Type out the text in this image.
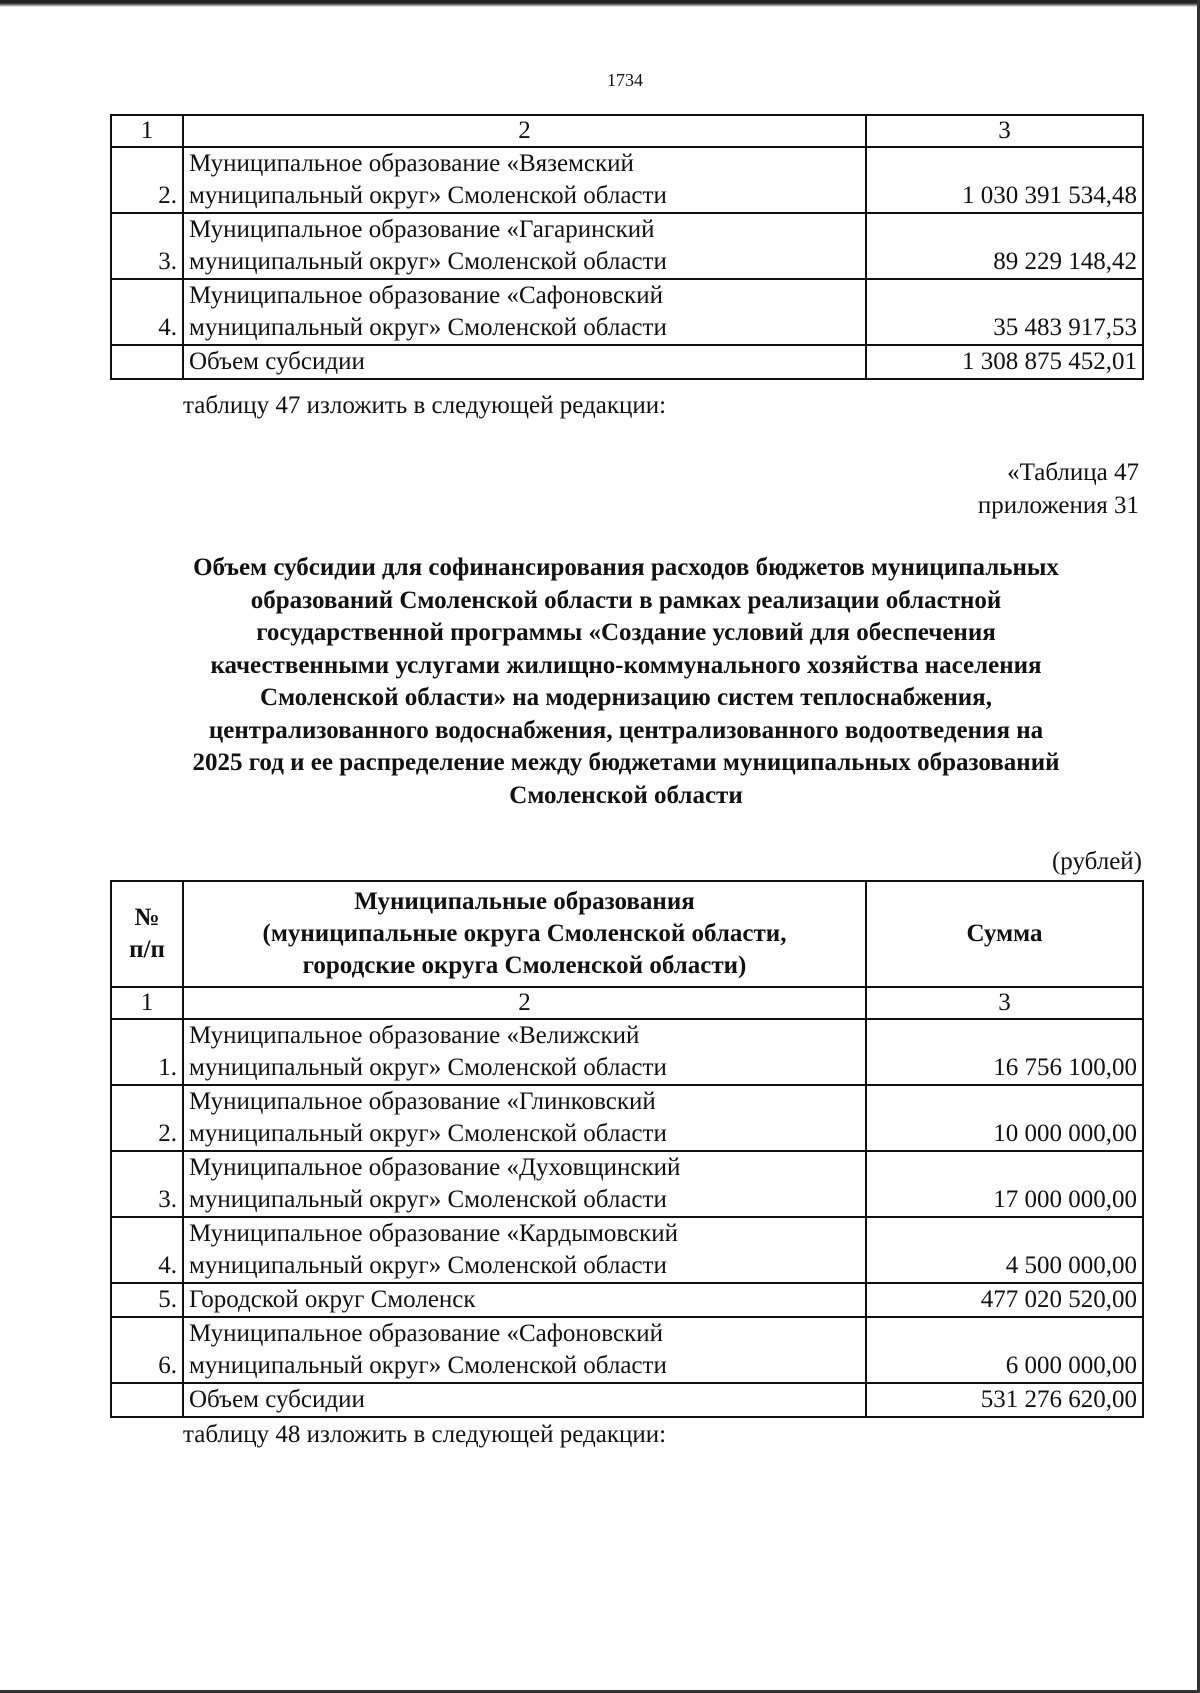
1734
1	2	3
2.	Муниципальное образование «Вяземский
муниципальный округ» Смоленской области	1 030 391 534,48
3.	Муниципальное образование «Гагаринский
муниципальный округ» Смоленской области	89 229 148,42
4.	Муниципальное образование «Сафоновский
муниципальный округ» Смоленской области	35 483 917,53
	Объем субсидии	1 308 875 452,01
таблицу 47 изложить в следующей редакции:
«Таблица 47
приложения 31
Объем субсидии для софинансирования расходов бюджетов муниципальных
образований Смоленской области в рамках реализации областной
государственной программы «Создание условий для обеспечения
качественными услугами жилищно-коммунального хозяйства населения
Смоленской области» на модернизацию систем теплоснабжения,
централизованного водоснабжения, централизованного водоотведения на
2025 год и ее распределение между бюджетами муниципальных образований
Смоленской области
(рублей)
№
п/п	Муниципальные образования
(муниципальные округа Смоленской области,
городские округа Смоленской области)	Сумма
1	2	3
1.	Муниципальное образование «Велижский
муниципальный округ» Смоленской области	16 756 100,00
2.	Муниципальное образование «Глинковский
муниципальный округ» Смоленской области	10 000 000,00
3.	Муниципальное образование «Духовщинский
муниципальный округ» Смоленской области	17 000 000,00
4.	Муниципальное образование «Кардымовский
муниципальный округ» Смоленской области	4 500 000,00
5.	Городской округ Смоленск	477 020 520,00
6.	Муниципальное образование «Сафоновский
муниципальный округ» Смоленской области	6 000 000,00
	Объем субсидии	531 276 620,00
таблицу 48 изложить в следующей редакции:
